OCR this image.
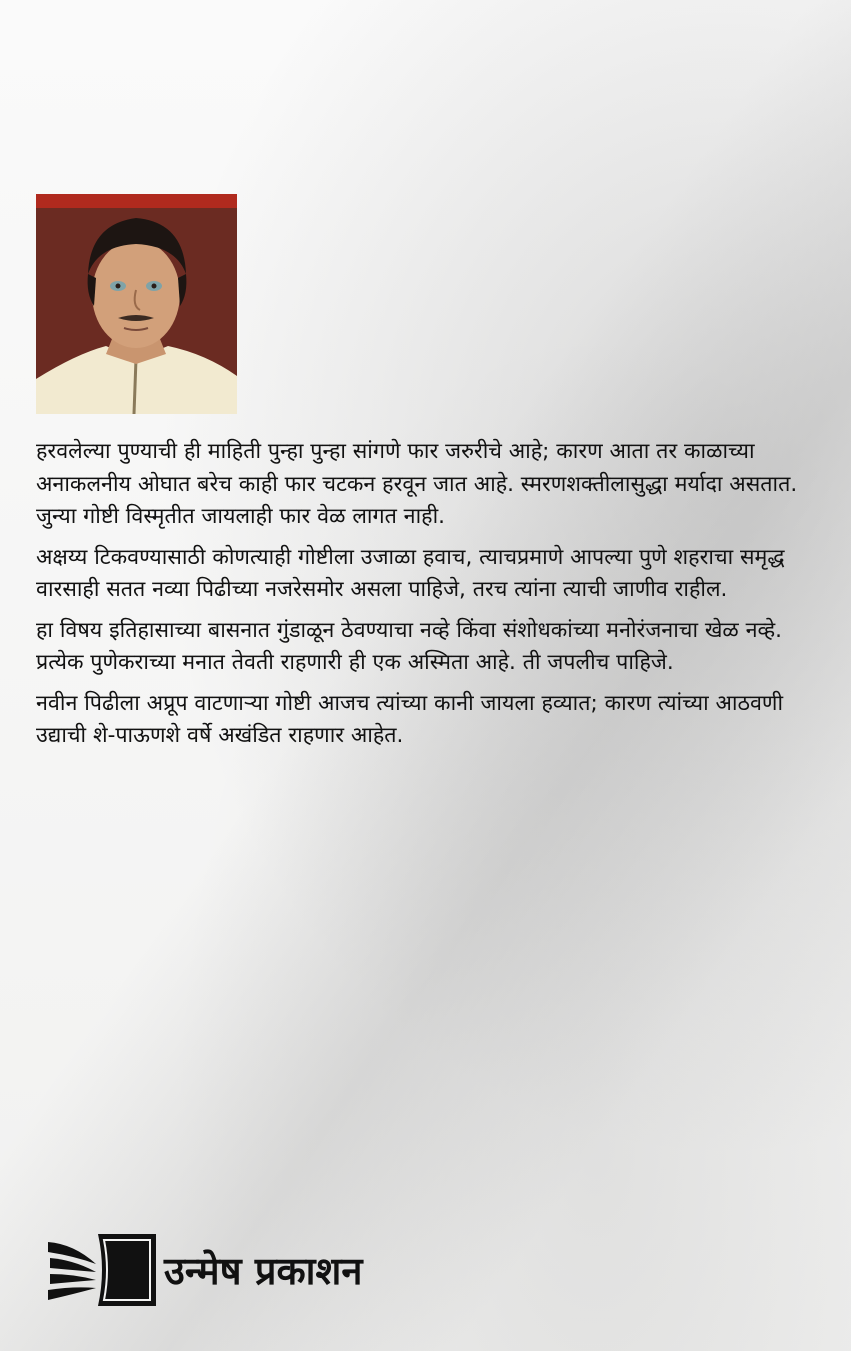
हरवलेल्या पुण्याची ही माहिती पुन्हा पुन्हा सांगणे फार जरुरीचे आहे; कारण आता तर काळाच्या अनाकलनीय ओघात बरेच काही फार चटकन हरवून जात आहे. स्मरणशक्तीलासुद्धा मर्यादा असतात. जुन्या गोष्टी विस्मृतीत जायलाही फार वेळ लागत नाही.

अक्षय्य टिकवण्यासाठी कोणत्याही गोष्टीला उजाळा हवाच, त्याचप्रमाणे आपल्या पुणे शहराचा समृद्ध वारसाही सतत नव्या पिढीच्या नजरेसमोर असला पाहिजे, तरच त्यांना त्याची जाणीव राहील.

हा विषय इतिहासाच्या बासनात गुंडाळून ठेवण्याचा नव्हे किंवा संशोधकांच्या मनोरंजनाचा खेळ नव्हे. प्रत्येक पुणेकराच्या मनात तेवती राहणारी ही एक अस्मिता आहे. ती जपलीच पाहिजे.

नवीन पिढीला अप्रूप वाटणाऱ्या गोष्टी आजच त्यांच्या कानी जायला हव्यात; कारण त्यांच्या आठवणी उद्याची शे-पाऊणशे वर्षे अखंडित राहणार आहेत.

उन्मेष प्रकाशन
